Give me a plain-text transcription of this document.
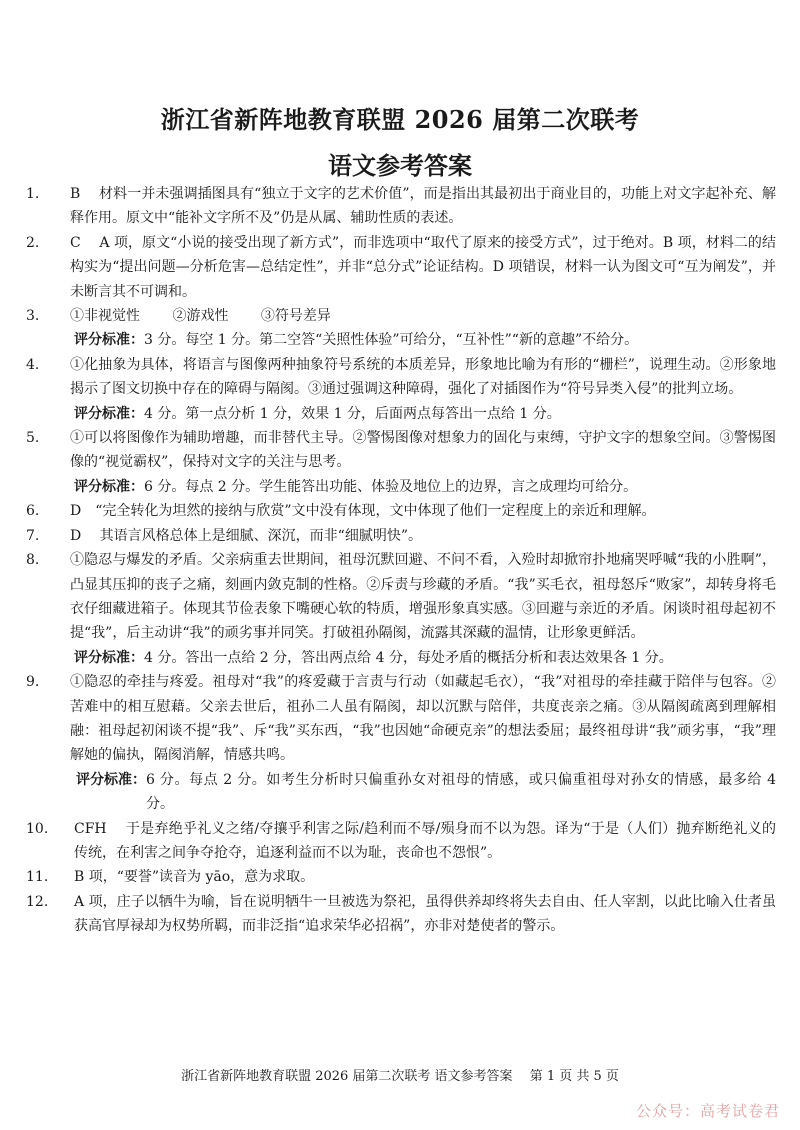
浙江省新阵地教育联盟 2026 届第二次联考
语文参考答案
1.	B　 材料一并未强调插图具有“独立于文字的艺术价值”，而是指出其最初出于商业目的，功能上对文字起补充、解释作用。原文中“能补文字所不及”仍是从属、辅助性质的表述。
2.	C　 A 项，原文“小说的接受出现了新方式”，而非选项中“取代了原来的接受方式”，过于绝对。B 项，材料二的结构实为“提出问题—分析危害—总结定性”，并非“总分式”论证结构。D 项错误，材料一认为图文可“互为阐发”，并未断言其不可调和。
3.	①非视觉性　　 ②游戏性　　 ③符号差异
评分标准： 3 分。每空 1 分。第二空答“关照性体验”可给分，“互补性”“新的意趣”不给分。
4.	①化抽象为具体，将语言与图像两种抽象符号系统的本质差异，形象地比喻为有形的“栅栏”，说理生动。②形象地揭示了图文切换中存在的障碍与隔阂。③通过强调这种障碍，强化了对插图作为“符号异类入侵”的批判立场。
评分标准： 4 分。第一点分析 1 分，效果 1 分，后面两点每答出一点给 1 分。
5.	①可以将图像作为辅助增趣，而非替代主导。②警惕图像对想象力的固化与束缚，守护文字的想象空间。③警惕图像的“视觉霸权”，保持对文字的关注与思考。
评分标准： 6 分。每点 2 分。学生能答出功能、体验及地位上的边界，言之成理均可给分。
6.	D　“完全转化为坦然的接纳与欣赏”文中没有体现，文中体现了他们一定程度上的亲近和理解。
7.	D　 其语言风格总体上是细腻、深沉，而非“细腻明快”。
8.	①隐忍与爆发的矛盾。父亲病重去世期间，祖母沉默回避、不问不看，入殓时却掀帘扑地痛哭呼喊“我的小胜啊”，凸显其压抑的丧子之痛，刻画内敛克制的性格。②斥责与珍藏的矛盾。“我”买毛衣，祖母怒斥“败家”，却转身将毛衣仔细藏进箱子。体现其节俭表象下嘴硬心软的特质，增强形象真实感。③回避与亲近的矛盾。闲谈时祖母起初不提“我”，后主动讲“我”的顽劣事并同笑。打破祖孙隔阂，流露其深藏的温情，让形象更鲜活。
评分标准： 4 分。答出一点给 2 分，答出两点给 4 分，每处矛盾的概括分析和表达效果各 1 分。
9.	①隐忍的牵挂与疼爱。祖母对“我”的疼爱藏于言责与行动（如藏起毛衣），“我”对祖母的牵挂藏于陪伴与包容。②苦难中的相互慰藉。父亲去世后，祖孙二人虽有隔阂，却以沉默与陪伴，共度丧亲之痛。③从隔阂疏离到理解相融：祖母起初闲谈不提“我”、斥“我”买东西，“我”也因她“命硬克亲”的想法委屈；最终祖母讲“我”顽劣事，“我”理解她的偏执，隔阂消解，情感共鸣。
评分标准： 6 分。每点 2 分。如考生分析时只偏重孙女对祖母的情感，或只偏重祖母对孙女的情感，最多给 4 分。
10.	CFH　 于是弃绝乎礼义之绪/夺攘乎利害之际/趋利而不辱/殒身而不以为怨。译为“于是（人们）抛弃断绝礼义的传统，在利害之间争夺抢夺，追逐利益而不以为耻，丧命也不怨恨”。
11.	B 项，“要誉”读音为 yāo，意为求取。
12.	A 项，庄子以牺牛为喻，旨在说明牺牛一旦被选为祭祀，虽得供养却终将失去自由、任人宰割，以此比喻入仕者虽获高官厚禄却为权势所羁，而非泛指“追求荣华必招祸”，亦非对楚使者的警示。
浙江省新阵地教育联盟 2026 届第二次联考 语文参考答案　 第 1 页 共 5 页
公众号：高考试卷君
